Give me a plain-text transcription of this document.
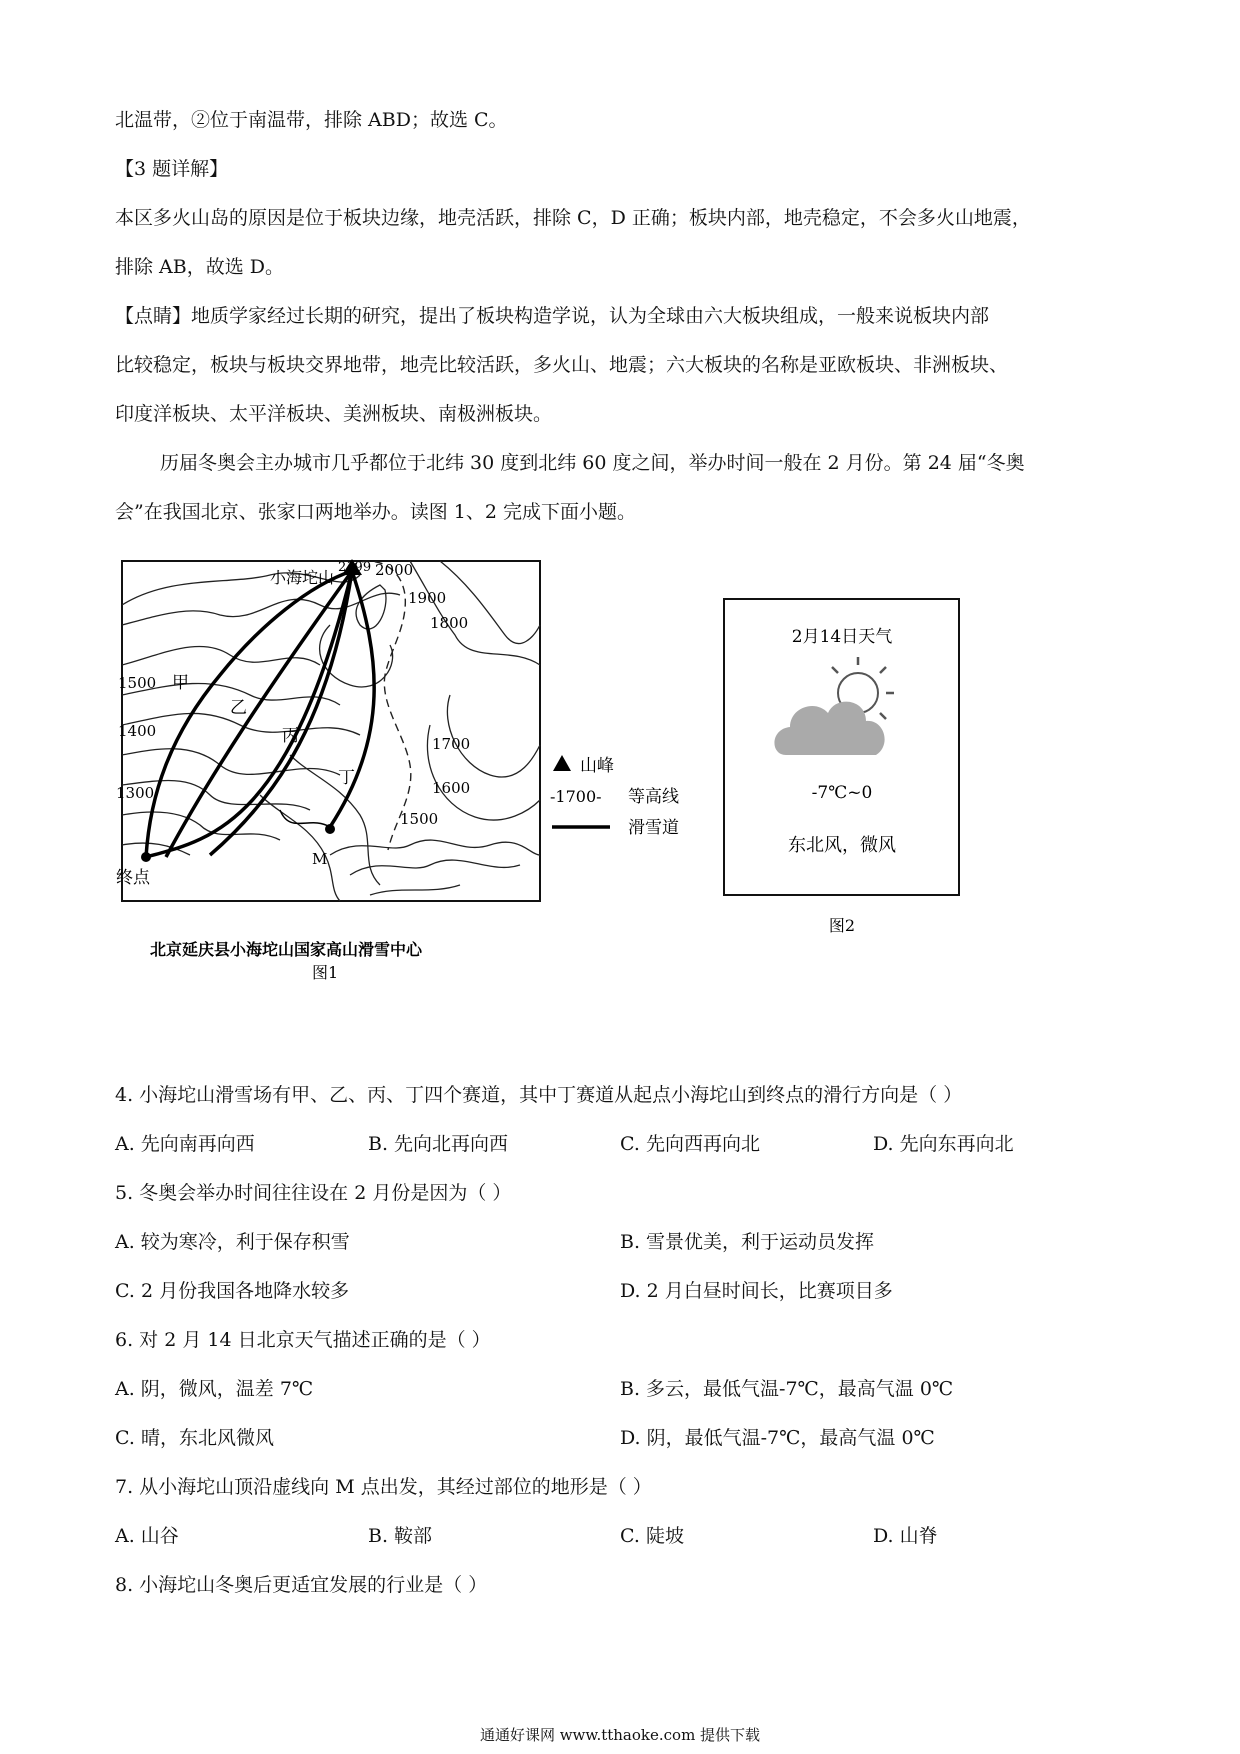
北温带，②位于南温带，排除 ABD；故选 C。
【3 题详解】
本区多火山岛的原因是位于板块边缘，地壳活跃，排除 C，D 正确；板块内部，地壳稳定，不会多火山地震，
排除 AB，故选 D。
【点睛】地质学家经过长期的研究，提出了板块构造学说，认为全球由六大板块组成，一般来说板块内部
比较稳定，板块与板块交界地带，地壳比较活跃，多火山、地震；六大板块的名称是亚欧板块、非洲板块、
印度洋板块、太平洋板块、美洲板块、南极洲板块。
历届冬奥会主办城市几乎都位于北纬 30 度到北纬 60 度之间，举办时间一般在 2 月份。第 24 届“冬奥
会”在我国北京、张家口两地举办。读图 1、2 完成下面小题。
小海坨山
2199 2000
1900
1800
1700
1600
1500
1500
1400
1300
甲
乙
丙
丁
终点
M
北京延庆县小海坨山国家高山滑雪中心
图1
山峰
-1700- 等高线
滑雪道
2月14日天气
-7℃~0
东北风，微风
图2
4. 小海坨山滑雪场有甲、乙、丙、丁四个赛道，其中丁赛道从起点小海坨山到终点的滑行方向是（ ）
A. 先向南再向西	B. 先向北再向西	C. 先向西再向北	D. 先向东再向北
5. 冬奥会举办时间往往设在 2 月份是因为（ ）
A. 较为寒冷，利于保存积雪	B. 雪景优美，利于运动员发挥
C. 2 月份我国各地降水较多	D. 2 月白昼时间长，比赛项目多
6. 对 2 月 14 日北京天气描述正确的是（ ）
A. 阴，微风，温差 7℃	B. 多云，最低气温-7℃，最高气温 0℃
C. 晴，东北风微风	D. 阴，最低气温-7℃，最高气温 0℃
7. 从小海坨山顶沿虚线向 M 点出发，其经过部位的地形是（ ）
A. 山谷	B. 鞍部	C. 陡坡	D. 山脊
8. 小海坨山冬奥后更适宜发展的行业是（ ）
通通好课网 www.tthaoke.com 提供下载
